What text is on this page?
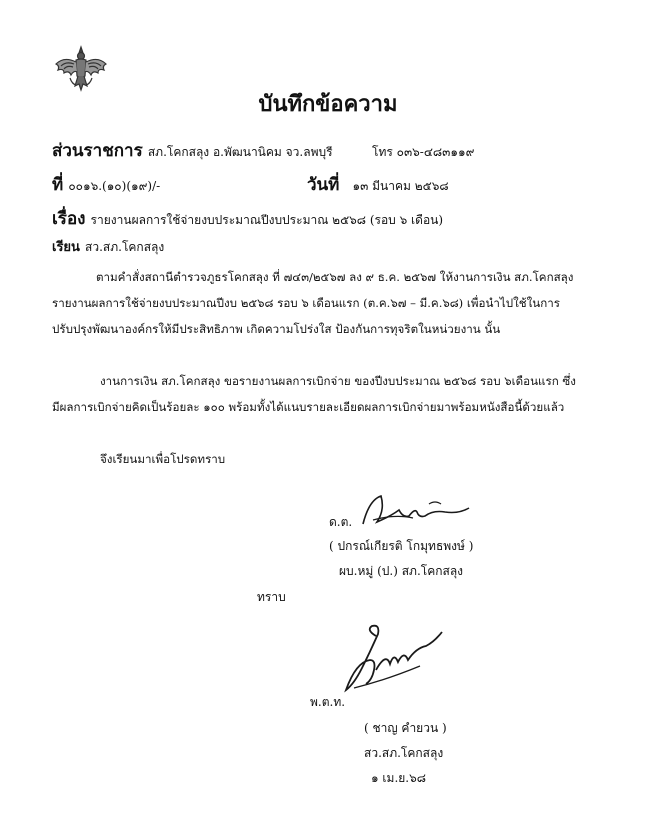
บันทึกข้อความ
ส่วนราชการ สภ.โคกสลุง อ.พัฒนานิคม จว.ลพบุรี	โทร ๐๓๖-๔๘๓๑๑๙
ที่ ๐๐๑๖.(๑๐)(๑๙)/-	วันที่ ๑๓ มีนาคม ๒๕๖๘
เรื่อง รายงานผลการใช้จ่ายงบประมาณปีงบประมาณ ๒๕๖๘ (รอบ ๖ เดือน)
เรียน สว.สภ.โคกสลุง
ตามคำสั่งสถานีตำรวจภูธรโคกสลุง ที่ ๗๔๓/๒๕๖๗ ลง ๙ ธ.ค. ๒๕๖๗ ให้งานการเงิน สภ.โคกสลุง
รายงานผลการใช้จ่ายงบประมาณปีงบ ๒๕๖๘ รอบ ๖ เดือนแรก (ต.ค.๖๗ – มี.ค.๖๘) เพื่อนำไปใช้ในการ
ปรับปรุงพัฒนาองค์กรให้มีประสิทธิภาพ เกิดความโปร่งใส ป้องกันการทุจริตในหน่วยงาน นั้น
งานการเงิน สภ.โคกสลุง ขอรายงานผลการเบิกจ่าย ของปีงบประมาณ ๒๕๖๘ รอบ ๖เดือนแรก ซึ่ง
มีผลการเบิกจ่ายคิดเป็นร้อยละ ๑๐๐ พร้อมทั้งได้แนบรายละเอียดผลการเบิกจ่ายมาพร้อมหนังสือนี้ด้วยแล้ว
จึงเรียนมาเพื่อโปรดทราบ
ด.ต.
( ปกรณ์เกียรติ โกมุทธพงษ์ )
ผบ.หมู่ (ป.) สภ.โคกสลุง
ทราบ
พ.ต.ท.
( ชาญ คำยวน )
สว.สภ.โคกสลุง
๑ เม.ย.๖๘
